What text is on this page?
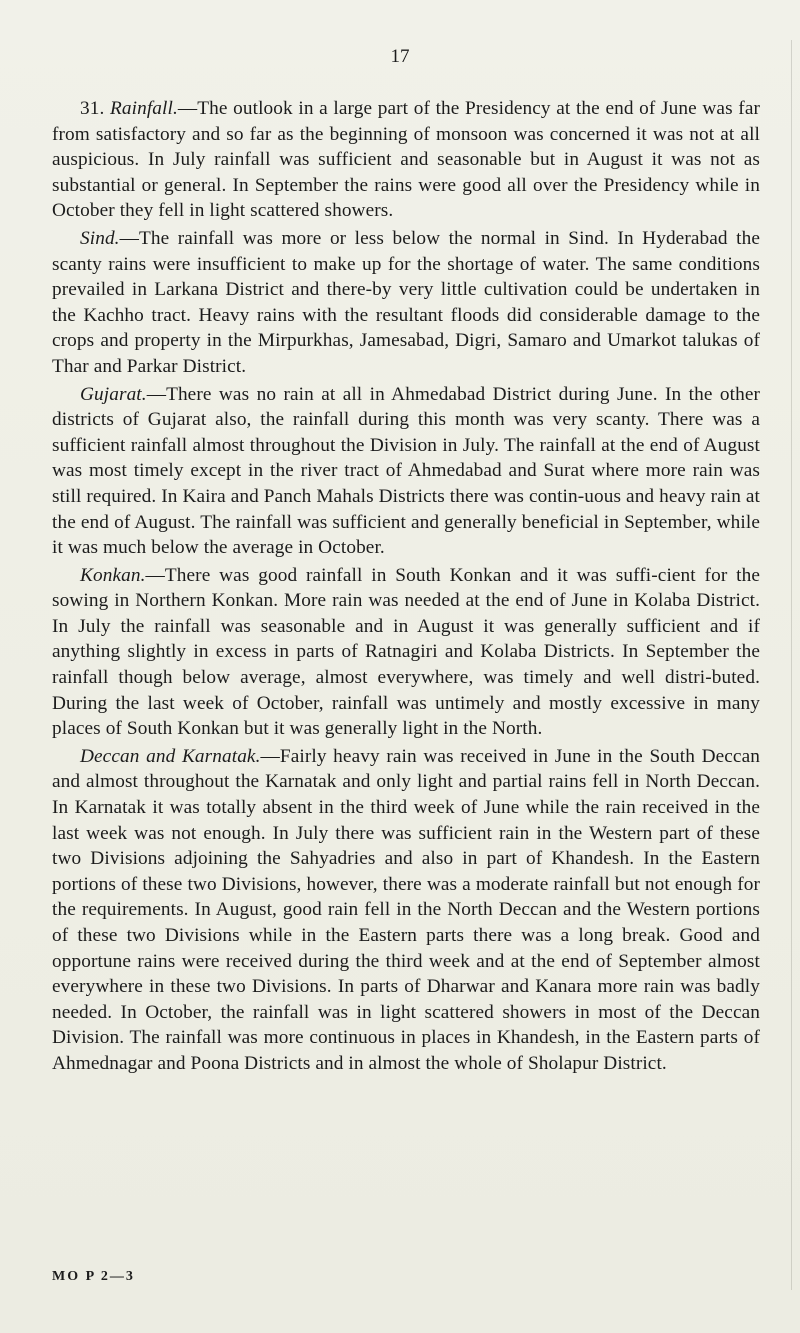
17

31. Rainfall.—The outlook in a large part of the Presidency at the end of June was far from satisfactory and so far as the beginning of monsoon was concerned it was not at all auspicious. In July rainfall was sufficient and seasonable but in August it was not as substantial or general. In September the rains were good all over the Presidency while in October they fell in light scattered showers.

Sind.—The rainfall was more or less below the normal in Sind. In Hyderabad the scanty rains were insufficient to make up for the shortage of water. The same conditions prevailed in Larkana District and there-by very little cultivation could be undertaken in the Kachho tract. Heavy rains with the resultant floods did considerable damage to the crops and property in the Mirpurkhas, Jamesabad, Digri, Samaro and Umarkot talukas of Thar and Parkar District.

Gujarat.—There was no rain at all in Ahmedabad District during June. In the other districts of Gujarat also, the rainfall during this month was very scanty. There was a sufficient rainfall almost throughout the Division in July. The rainfall at the end of August was most timely except in the river tract of Ahmedabad and Surat where more rain was still required. In Kaira and Panch Mahals Districts there was contin-uous and heavy rain at the end of August. The rainfall was sufficient and generally beneficial in September, while it was much below the average in October.

Konkan.—There was good rainfall in South Konkan and it was suffi-cient for the sowing in Northern Konkan. More rain was needed at the end of June in Kolaba District. In July the rainfall was seasonable and in August it was generally sufficient and if anything slightly in excess in parts of Ratnagiri and Kolaba Districts. In September the rainfall though below average, almost everywhere, was timely and well distri-buted. During the last week of October, rainfall was untimely and mostly excessive in many places of South Konkan but it was generally light in the North.

Deccan and Karnatak.—Fairly heavy rain was received in June in the South Deccan and almost throughout the Karnatak and only light and partial rains fell in North Deccan. In Karnatak it was totally absent in the third week of June while the rain received in the last week was not enough. In July there was sufficient rain in the Western part of these two Divisions adjoining the Sahyadries and also in part of Khandesh. In the Eastern portions of these two Divisions, however, there was a moderate rainfall but not enough for the requirements. In August, good rain fell in the North Deccan and the Western portions of these two Divisions while in the Eastern parts there was a long break. Good and opportune rains were received during the third week and at the end of September almost everywhere in these two Divisions. In parts of Dharwar and Kanara more rain was badly needed. In October, the rainfall was in light scattered showers in most of the Deccan Division. The rainfall was more continuous in places in Khandesh, in the Eastern parts of Ahmednagar and Poona Districts and in almost the whole of Sholapur District.

MO P 2—3
